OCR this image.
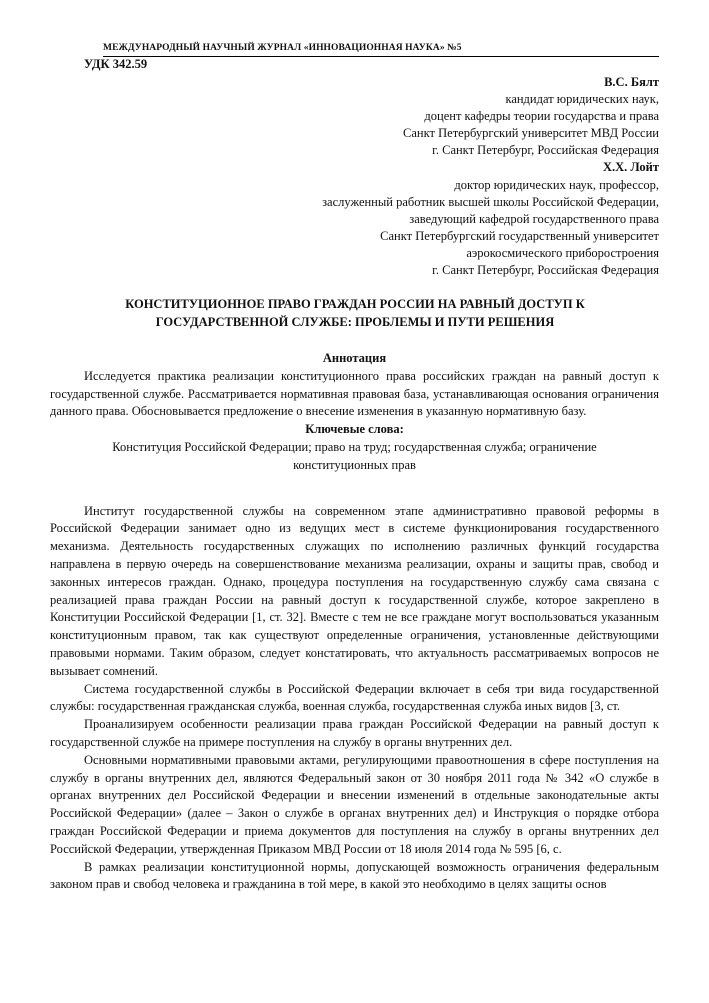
МЕЖДУНАРОДНЫЙ НАУЧНЫЙ ЖУРНАЛ «ИННОВАЦИОННАЯ НАУКА» №5
УДК 342.59
В.С. Бялт
кандидат юридических наук,
доцент кафедры теории государства и права
Санкт Петербургский университет МВД России
г. Санкт Петербург, Российская Федерация
Х.Х. Лойт
доктор юридических наук, профессор,
заслуженный работник высшей школы Российской Федерации,
заведующий кафедрой государственного права
Санкт Петербургский государственный университет
аэрокосмического приборостроения
г. Санкт Петербург, Российская Федерация
КОНСТИТУЦИОННОЕ ПРАВО ГРАЖДАН РОССИИ НА РАВНЫЙ ДОСТУП К
ГОСУДАРСТВЕННОЙ СЛУЖБЕ: ПРОБЛЕМЫ И ПУТИ РЕШЕНИЯ
Аннотация

Исследуется практика реализации конституционного права российских граждан на равный доступ к государственной службе. Рассматривается нормативная правовая база, устанавливающая основания ограничения данного права. Обосновывается предложение о внесение изменения в указанную нормативную базу.

Ключевые слова:

Конституция Российской Федерации; право на труд; государственная служба; ограничение

конституционных прав

Институт государственной службы на современном этапе административно правовой реформы в Российской Федерации занимает одно из ведущих мест в системе функционирования государственного механизма. Деятельность государственных служащих по исполнению различных функций государства направлена в первую очередь на совершенствование механизма реализации, охраны и защиты прав, свобод и законных интересов граждан. Однако, процедура поступления на государственную службу сама связана с реализацией права граждан России на равный доступ к государственной службе, которое закреплено в Конституции Российской Федерации [1, ст. 32]. Вместе с тем не все граждане могут воспользоваться указанным конституционным правом, так как существуют определенные ограничения, установленные действующими правовыми нормами. Таким образом, следует констатировать, что актуальность рассматриваемых вопросов не вызывает сомнений.

Система государственной службы в Российской Федерации включает в себя три вида государственной службы: государственная гражданская служба, военная служба, государственная служба иных видов [3, ст.

Проанализируем особенности реализации права граждан Российской Федерации на равный доступ к государственной службе на примере поступления на службу в органы внутренних дел.

Основными нормативными правовыми актами, регулирующими правоотношения в сфере поступления на службу в органы внутренних дел, являются Федеральный закон от 30 ноября 2011 года № 342 «О службе в органах внутренних дел Российской Федерации и внесении изменений в отдельные законодательные акты Российской Федерации» (далее – Закон о службе в органах внутренних дел) и Инструкция о порядке отбора граждан Российской Федерации и приема документов для поступления на службу в органы внутренних дел Российской Федерации, утвержденная Приказом МВД России от 18 июля 2014 года № 595 [6, с.

В рамках реализации конституционной нормы, допускающей возможность ограничения федеральным законом прав и свобод человека и гражданина в той мере, в какой это необходимо в целях защиты основ
